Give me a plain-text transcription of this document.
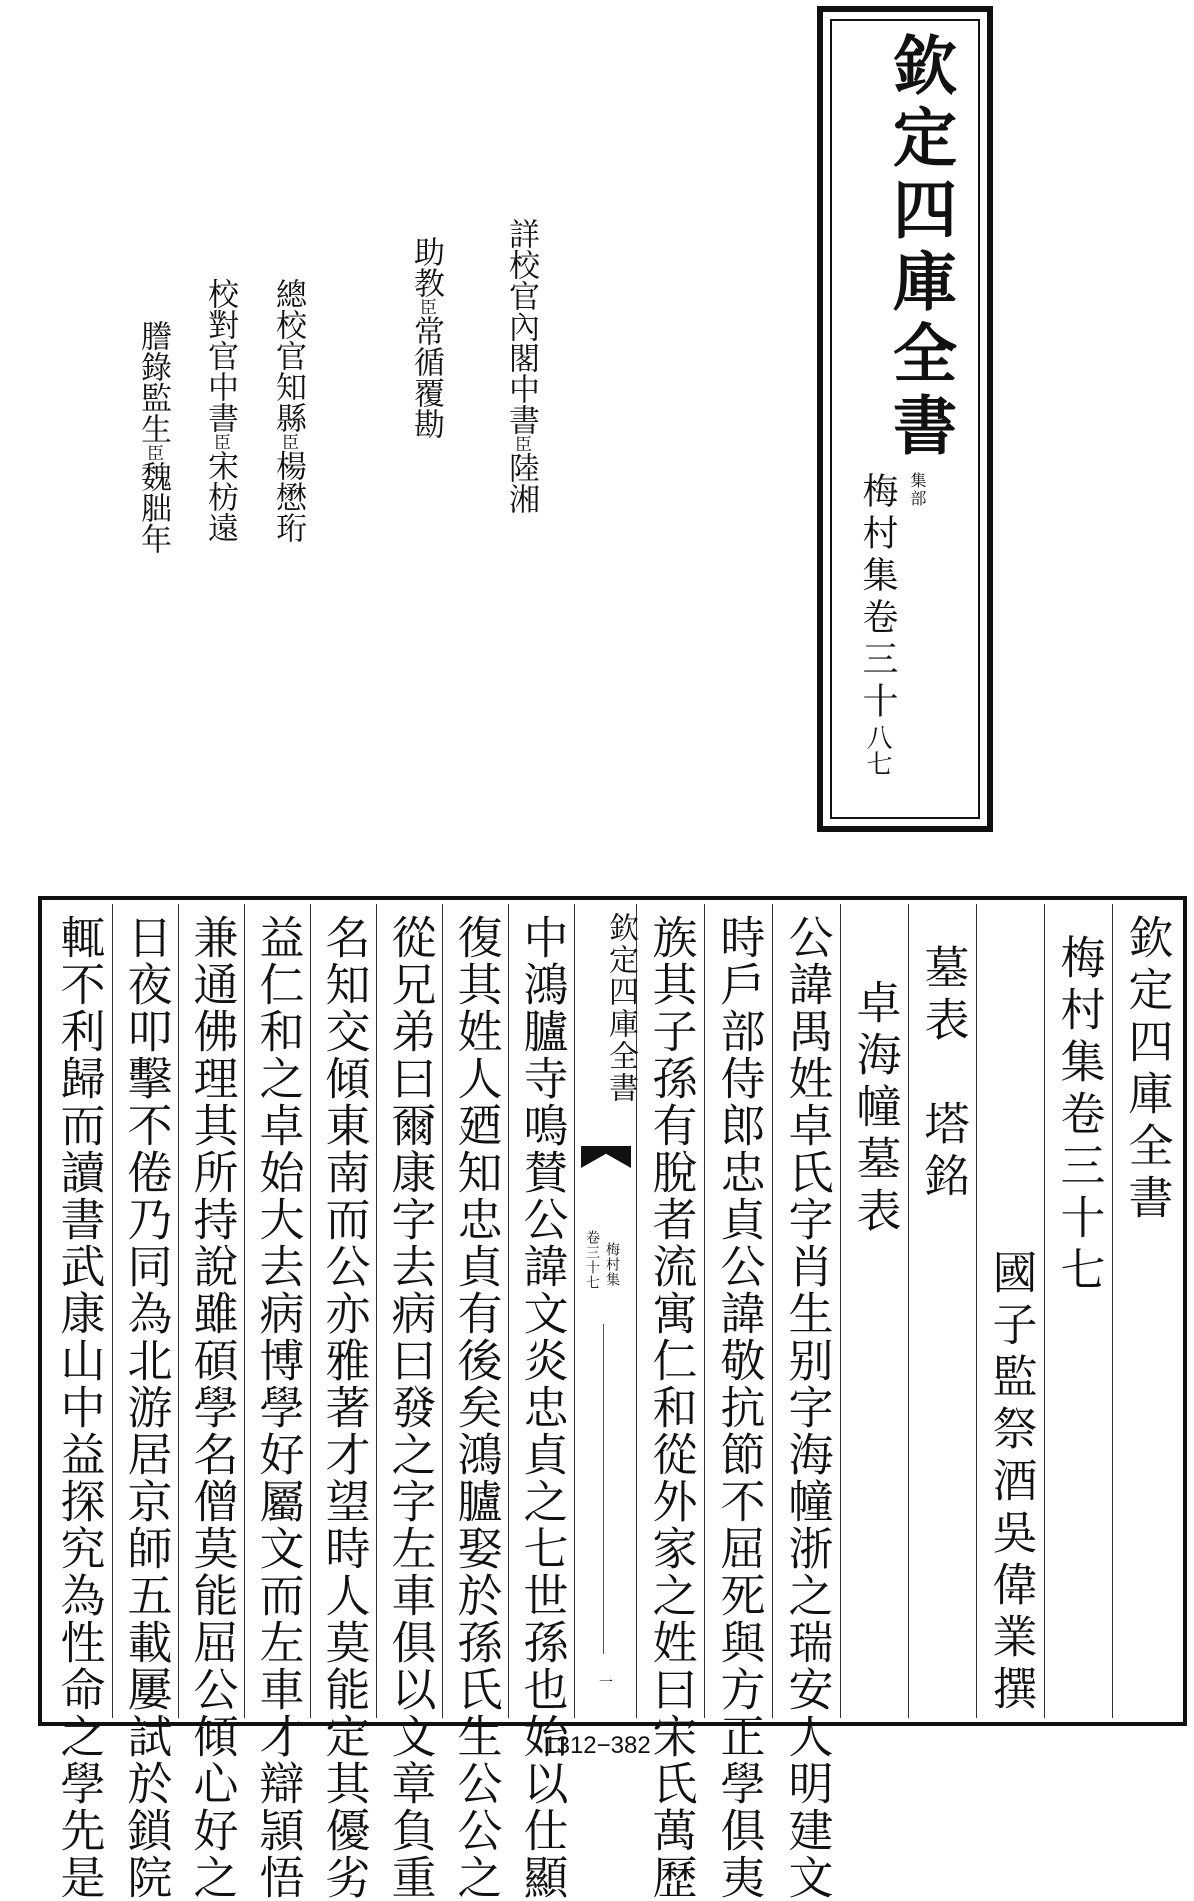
欽定四庫全書
集部
梅村集卷三十八七
詳校官內閣中書臣陸湘
助教臣常循覆勘
總校官知縣臣楊懋珩
校對官中書臣宋枋遠
謄錄監生臣魏胐年
欽定四庫全書
梅村集卷三十七
國子監祭酒吳偉業撰
墓表　塔銘
卓海幢墓表
公諱禺姓卓氏字肖生别字海幢浙之瑞安人明建文
時戶部侍郎忠貞公諱敬抗節不屈死與方正學俱夷
族其子孫有脫者流寓仁和從外家之姓曰宋氏萬歷
欽定四庫全書
梅村集
卷三十七
一
中鴻臚寺鳴賛公諱文炎忠貞之七世孫也始以仕顯
復其姓人廼知忠貞有後矣鴻臚娶於孫氏生公公之
從兄弟曰爾康字去病曰發之字左車俱以文章負重
名知交傾東南而公亦雅著才望時人莫能定其優劣
益仁和之卓始大去病博學好屬文而左車才辯頴悟
兼通佛理其所持說雖碩學名僧莫能屈公傾心好之
日夜叩擊不倦乃同為北游居京師五載屢試於鎖院
輒不利歸而讀書武康山中益探究為性命之學先是	1312−382
